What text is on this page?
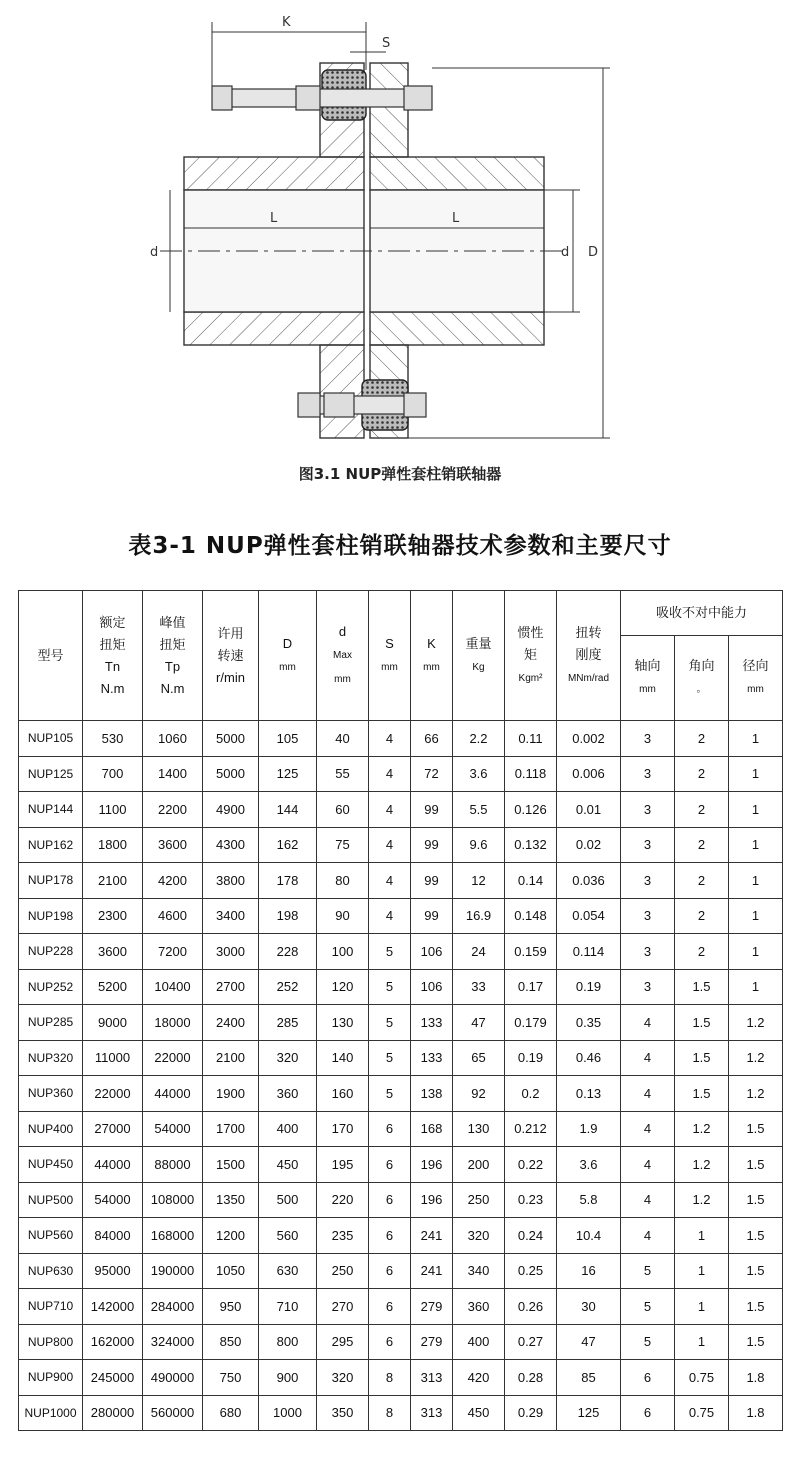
K
S
L	L
d	d D
图3.1 NUP弹性套柱销联轴器
表3-1 NUP弹性套柱销联轴器技术参数和主要尺寸
型号	额定
扭矩
Tn
N.m	峰值
扭矩
Tp
N.m	许用
转速
r/min	D
mm	d
Max
mm	S
mm	K
mm	重量
Kg	惯性
矩
Kgm²	扭转
刚度
MNm/rad	吸收不对中能力		
											轴向
mm	角向
。	径向
mm
NUP105	530	1060	5000	105	40	4	66	2.2	0.11	0.002	3	2	1
NUP125	700	1400	5000	125	55	4	72	3.6	0.118	0.006	3	2	1
NUP144	1100	2200	4900	144	60	4	99	5.5	0.126	0.01	3	2	1
NUP162	1800	3600	4300	162	75	4	99	9.6	0.132	0.02	3	2	1
NUP178	2100	4200	3800	178	80	4	99	12	0.14	0.036	3	2	1
NUP198	2300	4600	3400	198	90	4	99	16.9	0.148	0.054	3	2	1
NUP228	3600	7200	3000	228	100	5	106	24	0.159	0.114	3	2	1
NUP252	5200	10400	2700	252	120	5	106	33	0.17	0.19	3	1.5	1
NUP285	9000	18000	2400	285	130	5	133	47	0.179	0.35	4	1.5	1.2
NUP320	11000	22000	2100	320	140	5	133	65	0.19	0.46	4	1.5	1.2
NUP360	22000	44000	1900	360	160	5	138	92	0.2	0.13	4	1.5	1.2
NUP400	27000	54000	1700	400	170	6	168	130	0.212	1.9	4	1.2	1.5
NUP450	44000	88000	1500	450	195	6	196	200	0.22	3.6	4	1.2	1.5
NUP500	54000	108000	1350	500	220	6	196	250	0.23	5.8	4	1.2	1.5
NUP560	84000	168000	1200	560	235	6	241	320	0.24	10.4	4	1	1.5
NUP630	95000	190000	1050	630	250	6	241	340	0.25	16	5	1	1.5
NUP710	142000	284000	950	710	270	6	279	360	0.26	30	5	1	1.5
NUP800	162000	324000	850	800	295	6	279	400	0.27	47	5	1	1.5
NUP900	245000	490000	750	900	320	8	313	420	0.28	85	6	0.75	1.8
NUP1000	280000	560000	680	1000	350	8	313	450	0.29	125	6	0.75	1.8
